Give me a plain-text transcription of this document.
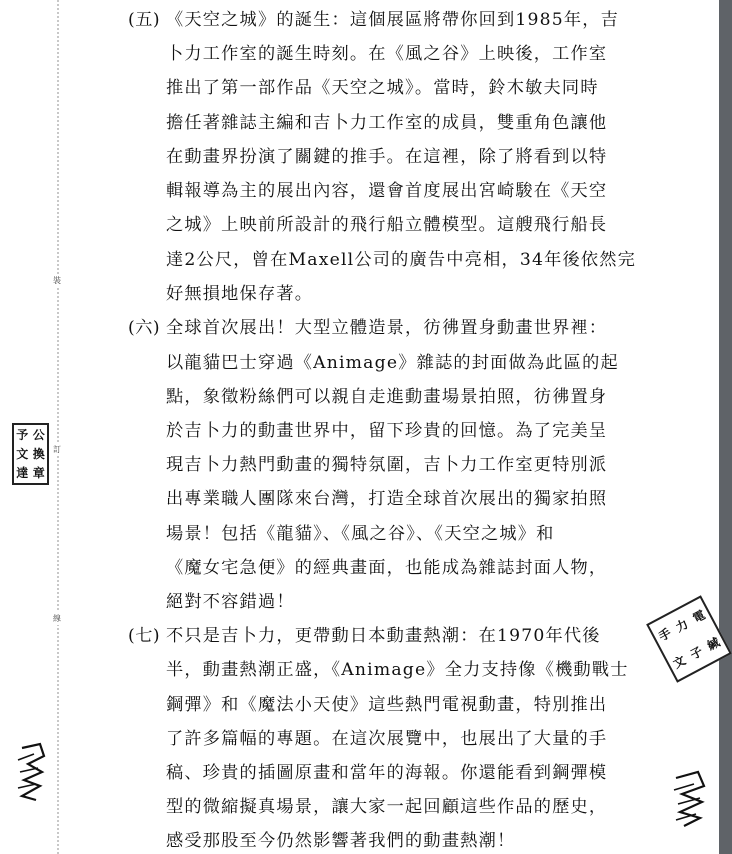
裝
訂
線
予 公
文 換
達 章
手
力
電
文
子
緘
(五) 《天空之城》的誕生：這個展區將帶你回到1985年，吉
卜力工作室的誕生時刻。在《風之谷》上映後，工作室
推出了第一部作品《天空之城》。當時，鈴木敏夫同時
擔任著雜誌主編和吉卜力工作室的成員，雙重角色讓他
在動畫界扮演了關鍵的推手。在這裡，除了將看到以特
輯報導為主的展出內容，還會首度展出宮崎駿在《天空
之城》上映前所設計的飛行船立體模型。這艘飛行船長
達2公尺，曾在Maxell公司的廣告中亮相，34年後依然完
好無損地保存著。
(六) 全球首次展出！大型立體造景，彷彿置身動畫世界裡：
以龍貓巴士穿過《Animage》雜誌的封面做為此區的起
點，象徵粉絲們可以親自走進動畫場景拍照，彷彿置身
於吉卜力的動畫世界中，留下珍貴的回憶。為了完美呈
現吉卜力熱門動畫的獨特氛圍，吉卜力工作室更特別派
出專業職人團隊來台灣，打造全球首次展出的獨家拍照
場景！包括《龍貓》、《風之谷》、《天空之城》和
《魔女宅急便》的經典畫面，也能成為雜誌封面人物，
絕對不容錯過！
(七) 不只是吉卜力，更帶動日本動畫熱潮：在1970年代後
半，動畫熱潮正盛，《Animage》全力支持像《機動戰士
鋼彈》和《魔法小天使》這些熱門電視動畫，特別推出
了許多篇幅的專題。在這次展覽中，也展出了大量的手
稿、珍貴的插圖原畫和當年的海報。你還能看到鋼彈模
型的微縮擬真場景，讓大家一起回顧這些作品的歷史，
感受那股至今仍然影響著我們的動畫熱潮！
